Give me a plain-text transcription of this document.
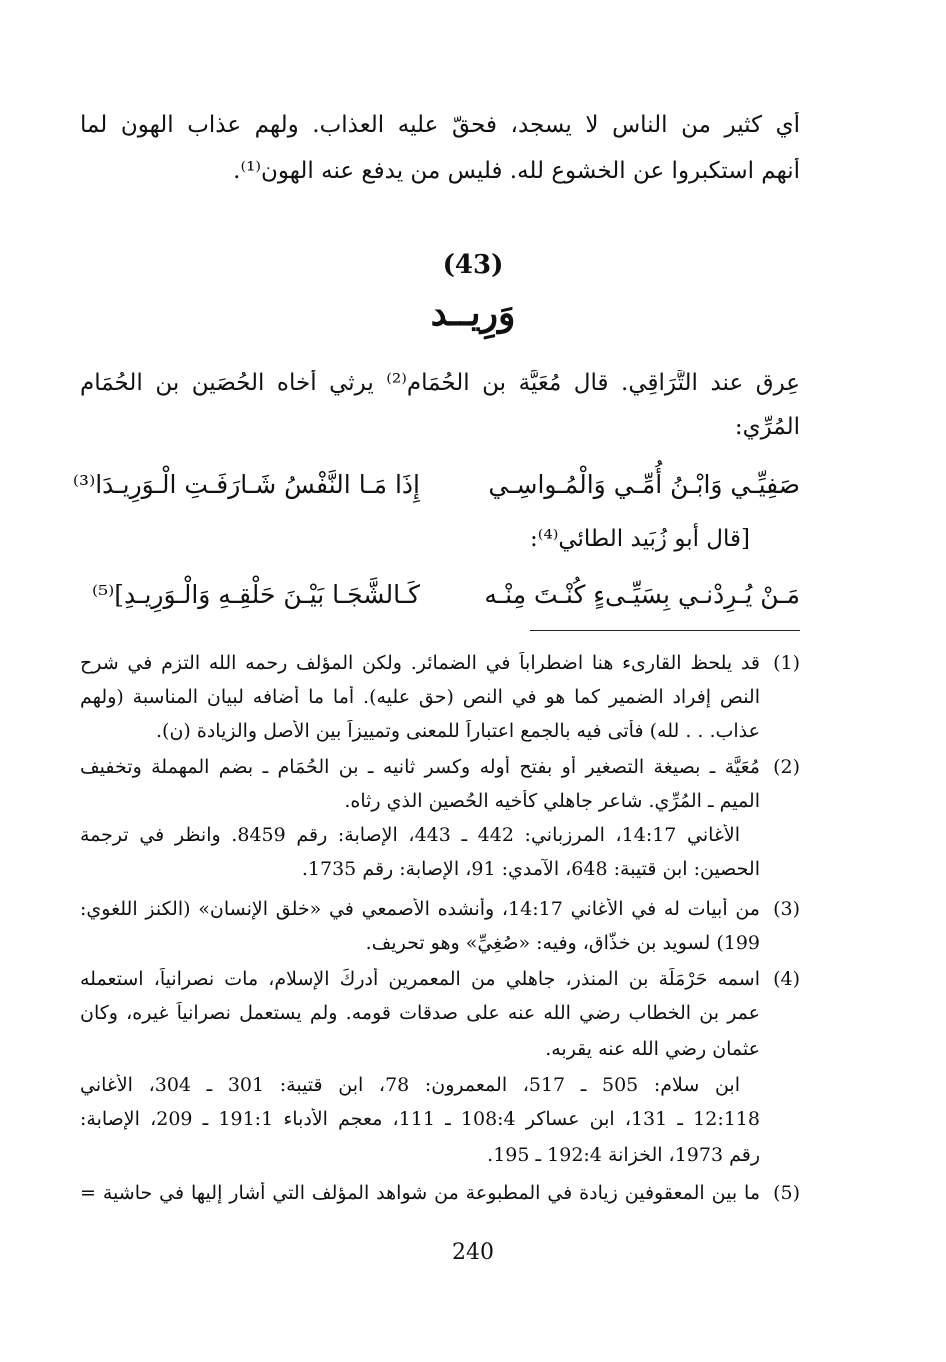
أي كثير من الناس لا يسجد، فحقّ عليه العذاب. ولهم عذاب الهون لما
أنهم استكبروا عن الخشوع لله. فليس من يدفع عنه الهون⁽¹⁾.
(43)
وَرِيــد
عِرق عند التَّرَاقِي. قال مُعَيَّة بن الحُمَام⁽²⁾ يرثي أخاه الحُصَين بن الحُمَام
المُرِّي:
صَفِيِّـي وَابْـنُ أُمِّـي وَالْمُـواسِـي
إِذَا مَـا النَّفْسُ شَـارَفَـتِ الْـوَرِيـدَا⁽³⁾
[قال أبو زُبَيد الطائي⁽⁴⁾:
مَـنْ يُـرِدْنـي بِسَيِّـىءٍ كُنْـتَ مِنْـه
كَـالشَّجَـا بَيْـنَ حَلْقِـهِ وَالْـوَرِيـدِ]⁽⁵⁾
(1)
قد يلحظ القارىء هنا اضطراباً في الضمائر. ولكن المؤلف رحمه الله التزم في شرح
النص إفراد الضمير كما هو في النص (حق عليه). أما ما أضافه لبيان المناسبة (ولهم
عذاب. . . لله) فأتى فيه بالجمع اعتباراً للمعنى وتمييزاً بين الأصل والزيادة (ن).
(2)
مُعَيَّة ـ بصيغة التصغير أو بفتح أوله وكسر ثانيه ـ بن الحُمَام ـ بضم المهملة وتخفيف
الميم ـ المُرِّي. شاعر جاهلي كأخيه الحُصين الذي رثاه.
الأغاني 14:17، المرزباني: 442 ـ 443، الإصابة: رقم 8459. وانظر في ترجمة
الحصين: ابن قتيبة: 648، الآمدي: 91، الإصابة: رقم 1735.
(3)
من أبيات له في الأغاني 14:17، وأنشده الأصمعي في «خلق الإنسان» (الكنز اللغوي:
199) لسويد بن خذّاق، وفيه: «صُغِيِّ» وهو تحريف.
(4)
اسمه حَرْمَلَة بن المنذر، جاهلي من المعمرين أدركَ الإسلام، مات نصرانياً، استعمله
عمر بن الخطاب رضي الله عنه على صدقات قومه. ولم يستعمل نصرانياً غيره، وكان
عثمان رضي الله عنه يقربه.
ابن سلام: 505 ـ 517، المعمرون: 78، ابن قتيبة: 301 ـ 304، الأغاني
12:118 ـ 131، ابن عساكر 108:4 ـ 111، معجم الأدباء 191:1 ـ 209، الإصابة:
رقم 1973، الخزانة 192:4 ـ 195.
(5)
ما بين المعقوفين زيادة في المطبوعة من شواهد المؤلف التي أشار إليها في حاشية =
240
